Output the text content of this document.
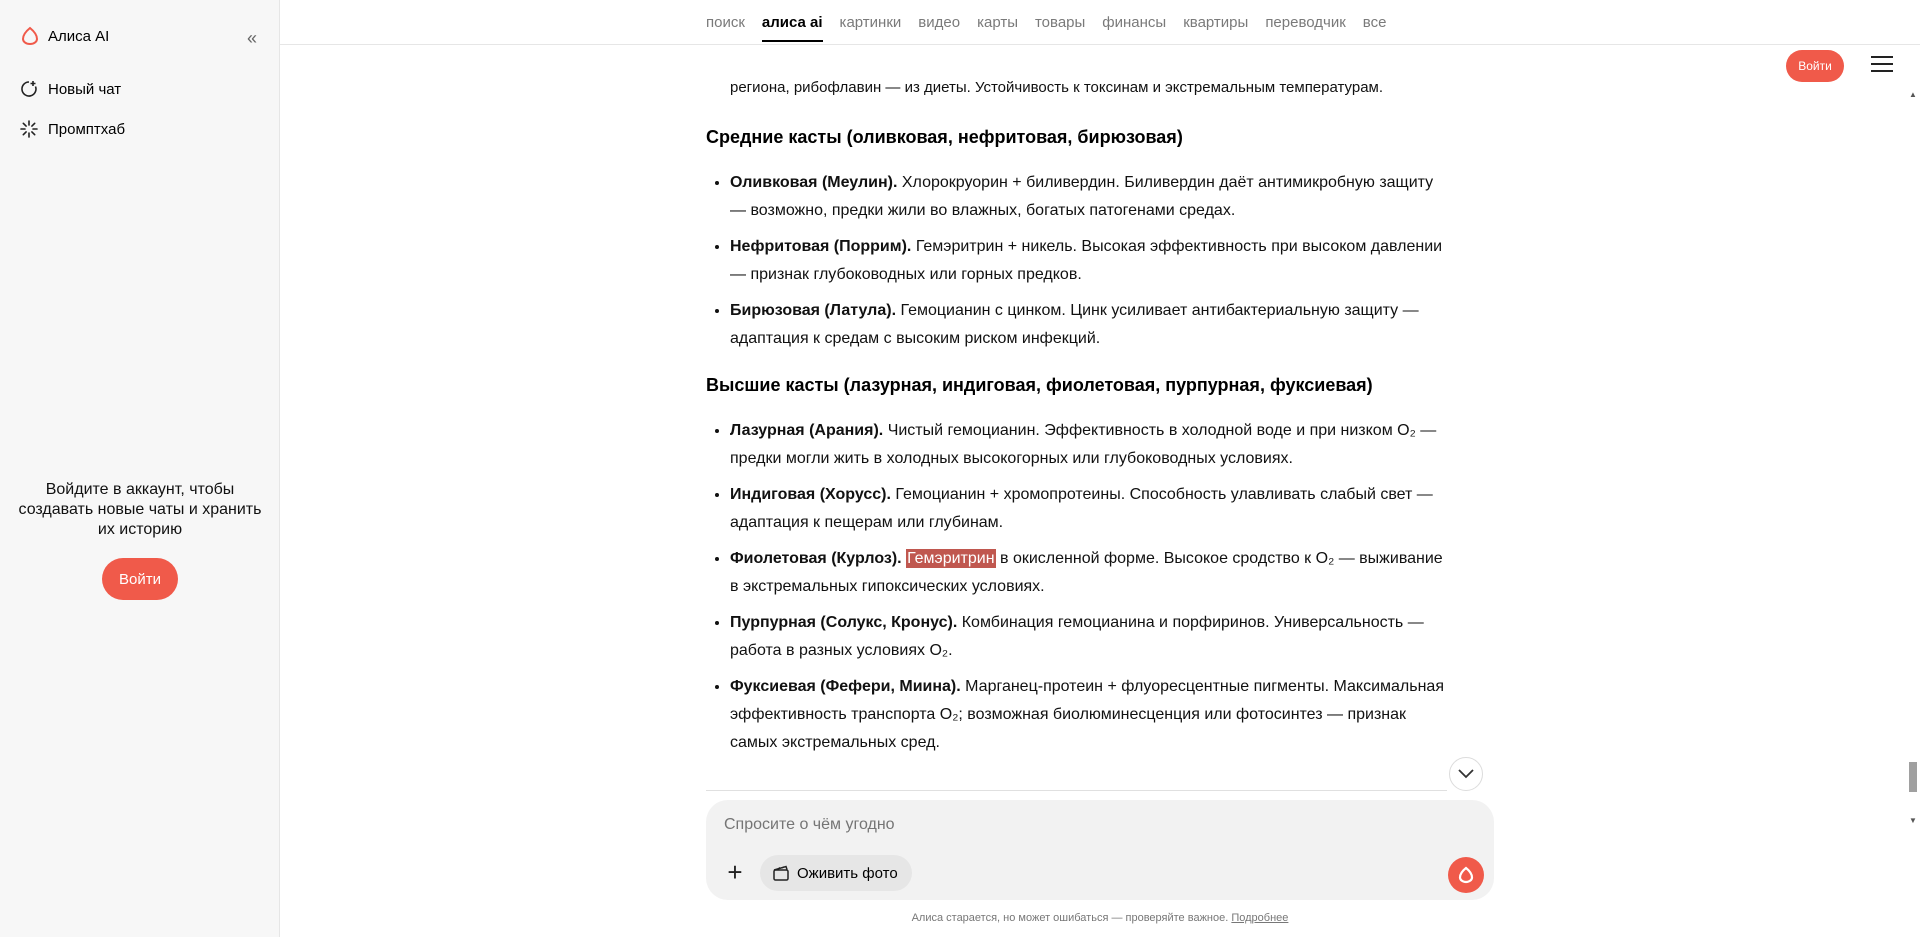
Алиса AI	«
Новый чат
Промптхаб
Войдите в аккаунт, чтобы создавать новые чаты и хранить их историю
Войти
поиск алиса ai картинки видео карты товары финансы квартиры переводчик все
Войти
региона, рибофлавин — из диеты. Устойчивость к токсинам и экстремальным температурам.
Средние касты (оливковая, нефритовая, бирюзовая)
• Оливковая (Меулин). Хлорокруорин + биливердин. Биливердин даёт антимикробную защиту — возможно, предки жили во влажных, богатых патогенами средах.
• Нефритовая (Поррим). Гемэритрин + никель. Высокая эффективность при высоком давлении — признак глубоководных или горных предков.
• Бирюзовая (Латула). Гемоцианин с цинком. Цинк усиливает антибактериальную защиту — адаптация к средам с высоким риском инфекций.
Высшие касты (лазурная, индиговая, фиолетовая, пурпурная, фуксиевая)
• Лазурная (Арания). Чистый гемоцианин. Эффективность в холодной воде и при низком O₂ — предки могли жить в холодных высокогорных или глубоководных условиях.
• Индиговая (Хорусс). Гемоцианин + хромопротеины. Способность улавливать слабый свет — адаптация к пещерам или глубинам.
• Фиолетовая (Курлоз). Гемэритрин в окисленной форме. Высокое сродство к O₂ — выживание в экстремальных гипоксических условиях.
• Пурпурная (Солукс, Кронус). Комбинация гемоцианина и порфиринов. Универсальность — работа в разных условиях O₂.
• Фуксиевая (Фефери, Миина). Марганец-протеин + флуоресцентные пигменты. Максимальная эффективность транспорта O₂; возможная биолюминесценция или фотосинтез — признак самых экстремальных сред.
▲
▼
Спросите о чём угодно
+	Оживить фото
Алиса старается, но может ошибаться — проверяйте важное. Подробнее
